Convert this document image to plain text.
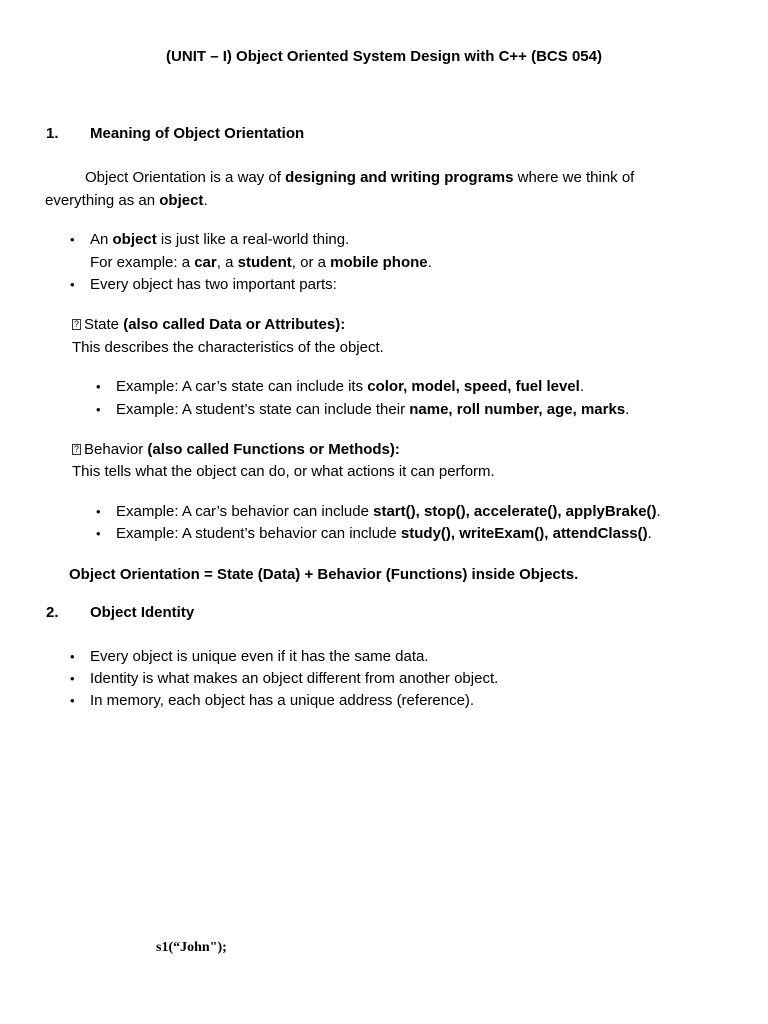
(UNIT – I) Object Oriented System Design with C++ (BCS 054)
1. Meaning of Object Orientation
Object Orientation is a way of designing and writing programs where we think of
everything as an object.
• An object is just like a real-world thing.
For example: a car, a student, or a mobile phone.
• Every object has two important parts:
?State (also called Data or Attributes):
This describes the characteristics of the object.
• Example: A car’s state can include its color, model, speed, fuel level.
• Example: A student’s state can include their name, roll number, age, marks.
?Behavior (also called Functions or Methods):
This tells what the object can do, or what actions it can perform.
• Example: A car’s behavior can include start(), stop(), accelerate(), applyBrake().
• Example: A student’s behavior can include study(), writeExam(), attendClass().
Object Orientation = State (Data) + Behavior (Functions) inside Objects.
2. Object Identity
• Every object is unique even if it has the same data.
• Identity is what makes an object different from another object.
• In memory, each object has a unique address (reference).
s1(“John");
